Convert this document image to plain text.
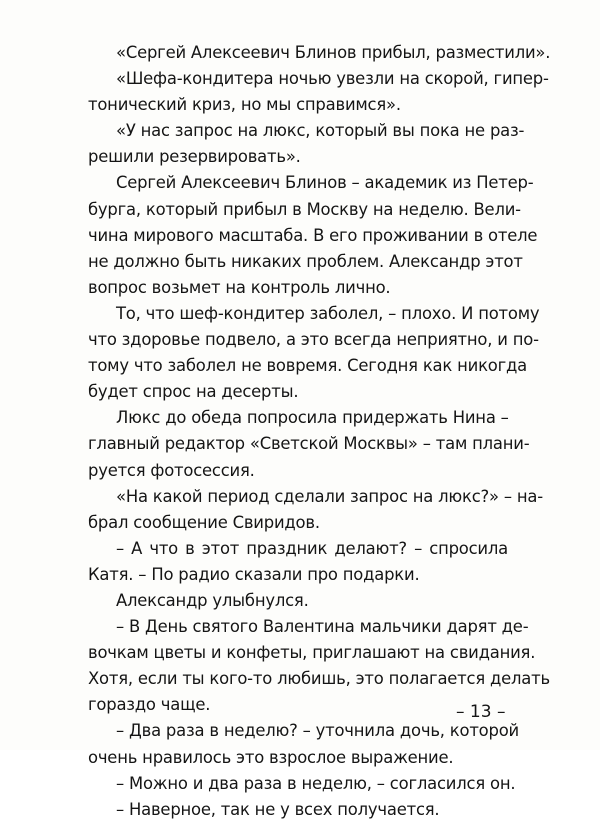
«Сергей Алексеевич Блинов прибыл, разместили».
«Шефа-кондитера ночью увезли на скорой, гипер-
тонический криз, но мы справимся».
«У нас запрос на люкс, который вы пока не раз-
решили резервировать».
Сергей Алексеевич Блинов – академик из Петер-
бурга, который прибыл в Москву на неделю. Вели-
чина мирового масштаба. В его проживании в отеле
не должно быть никаких проблем. Александр этот
вопрос возьмет на контроль лично.
То, что шеф-кондитер заболел, – плохо. И потому
что здоровье подвело, а это всегда неприятно, и по-
тому что заболел не вовремя. Сегодня как никогда
будет спрос на десерты.
Люкс до обеда попросила придержать Нина –
главный редактор «Светской Москвы» – там плани-
руется фотосессия.
«На какой период сделали запрос на люкс?» – на-
брал сообщение Свиридов.
– А что в этот праздник делают? – спросила
Катя. – По радио сказали про подарки.
Александр улыбнулся.
– В День святого Валентина мальчики дарят де-
вочкам цветы и конфеты, приглашают на свидания.
Хотя, если ты кого-то любишь, это полагается делать
гораздо чаще.
– Два раза в неделю? – уточнила дочь, которой
очень нравилось это взрослое выражение.
– Можно и два раза в неделю, – согласился он.
– Наверное, так не у всех получается.
– 13 –
